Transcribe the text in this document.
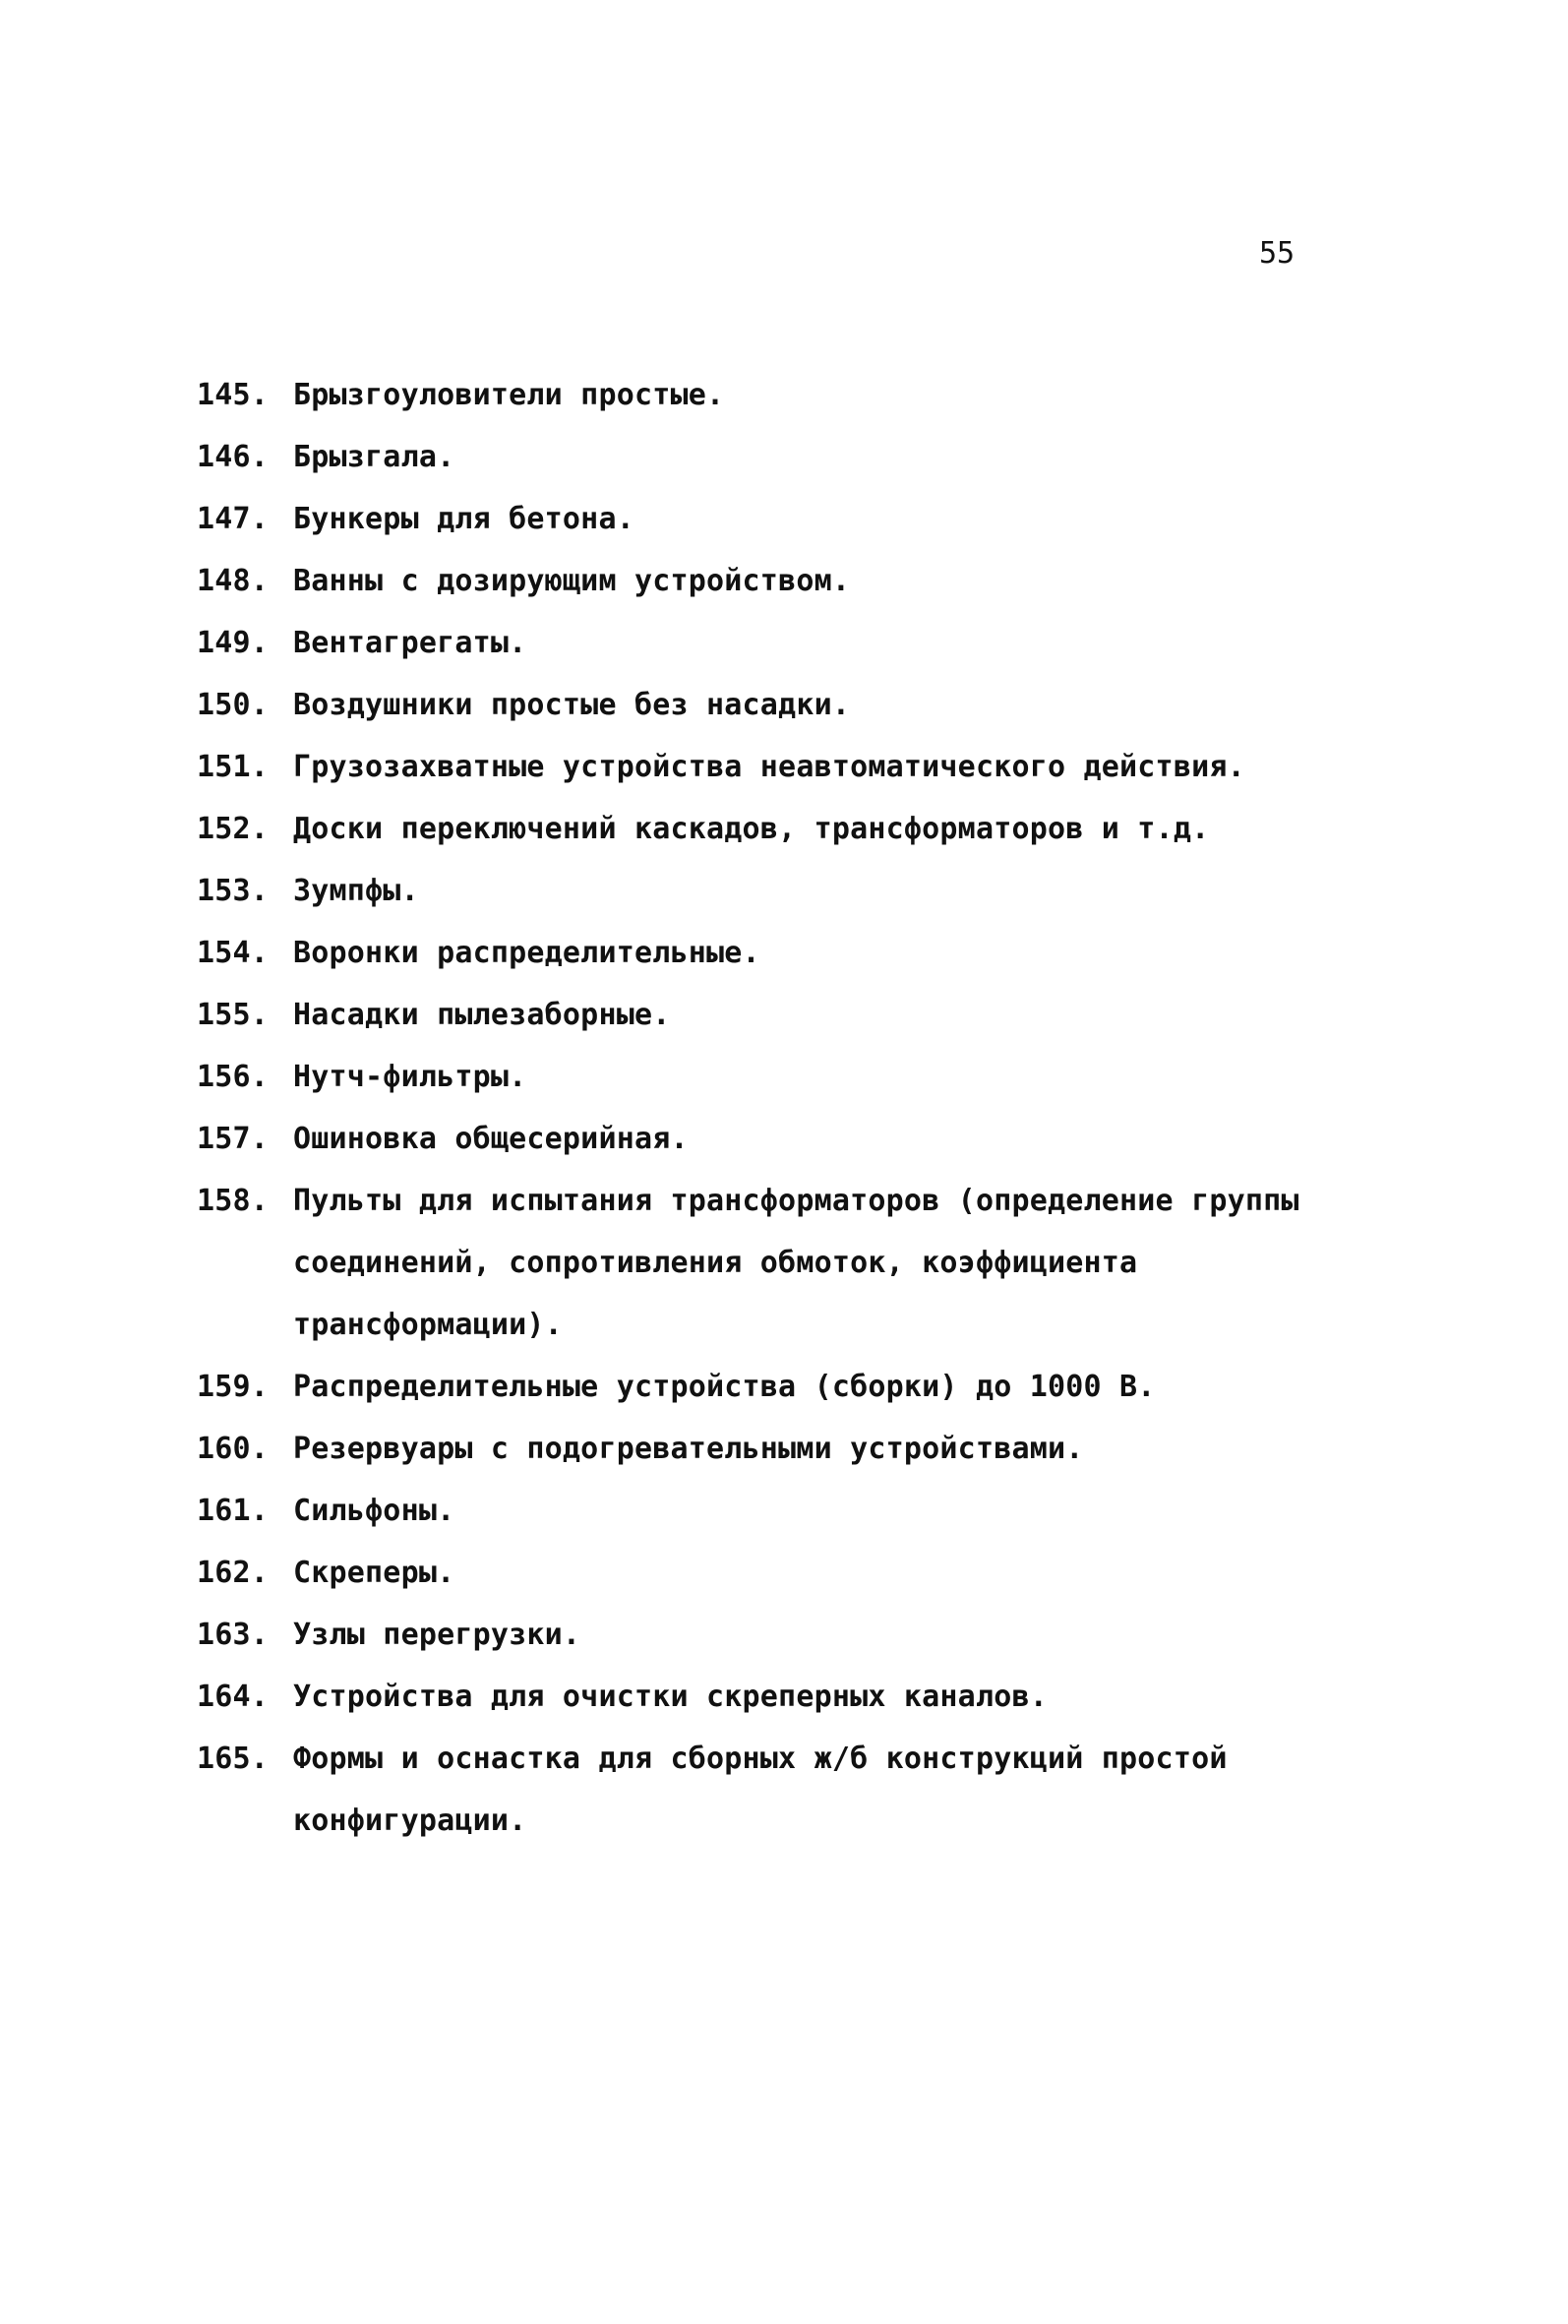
55
145. Брызгоуловители простые.
146. Брызгала.
147. Бункеры для бетона.
148. Ванны с дозирующим устройством.
149. Вентагрегаты.
150. Воздушники простые без насадки.
151. Грузозахватные устройства неавтоматического действия.
152. Доски переключений каскадов, трансформаторов и т.д.
153. Зумпфы.
154. Воронки распределительные.
155. Насадки пылезаборные.
156. Нутч-фильтры.
157. Ошиновка общесерийная.
158. Пульты для испытания трансформаторов (определение группы соединений, сопротивления обмоток, коэффициента трансформации).
159. Распределительные устройства (сборки) до 1000 В.
160. Резервуары с подогревательными устройствами.
161. Сильфоны.
162. Скреперы.
163. Узлы перегрузки.
164. Устройства для очистки скреперных каналов.
165. Формы и оснастка для сборных ж/б конструкций простой конфигурации.
